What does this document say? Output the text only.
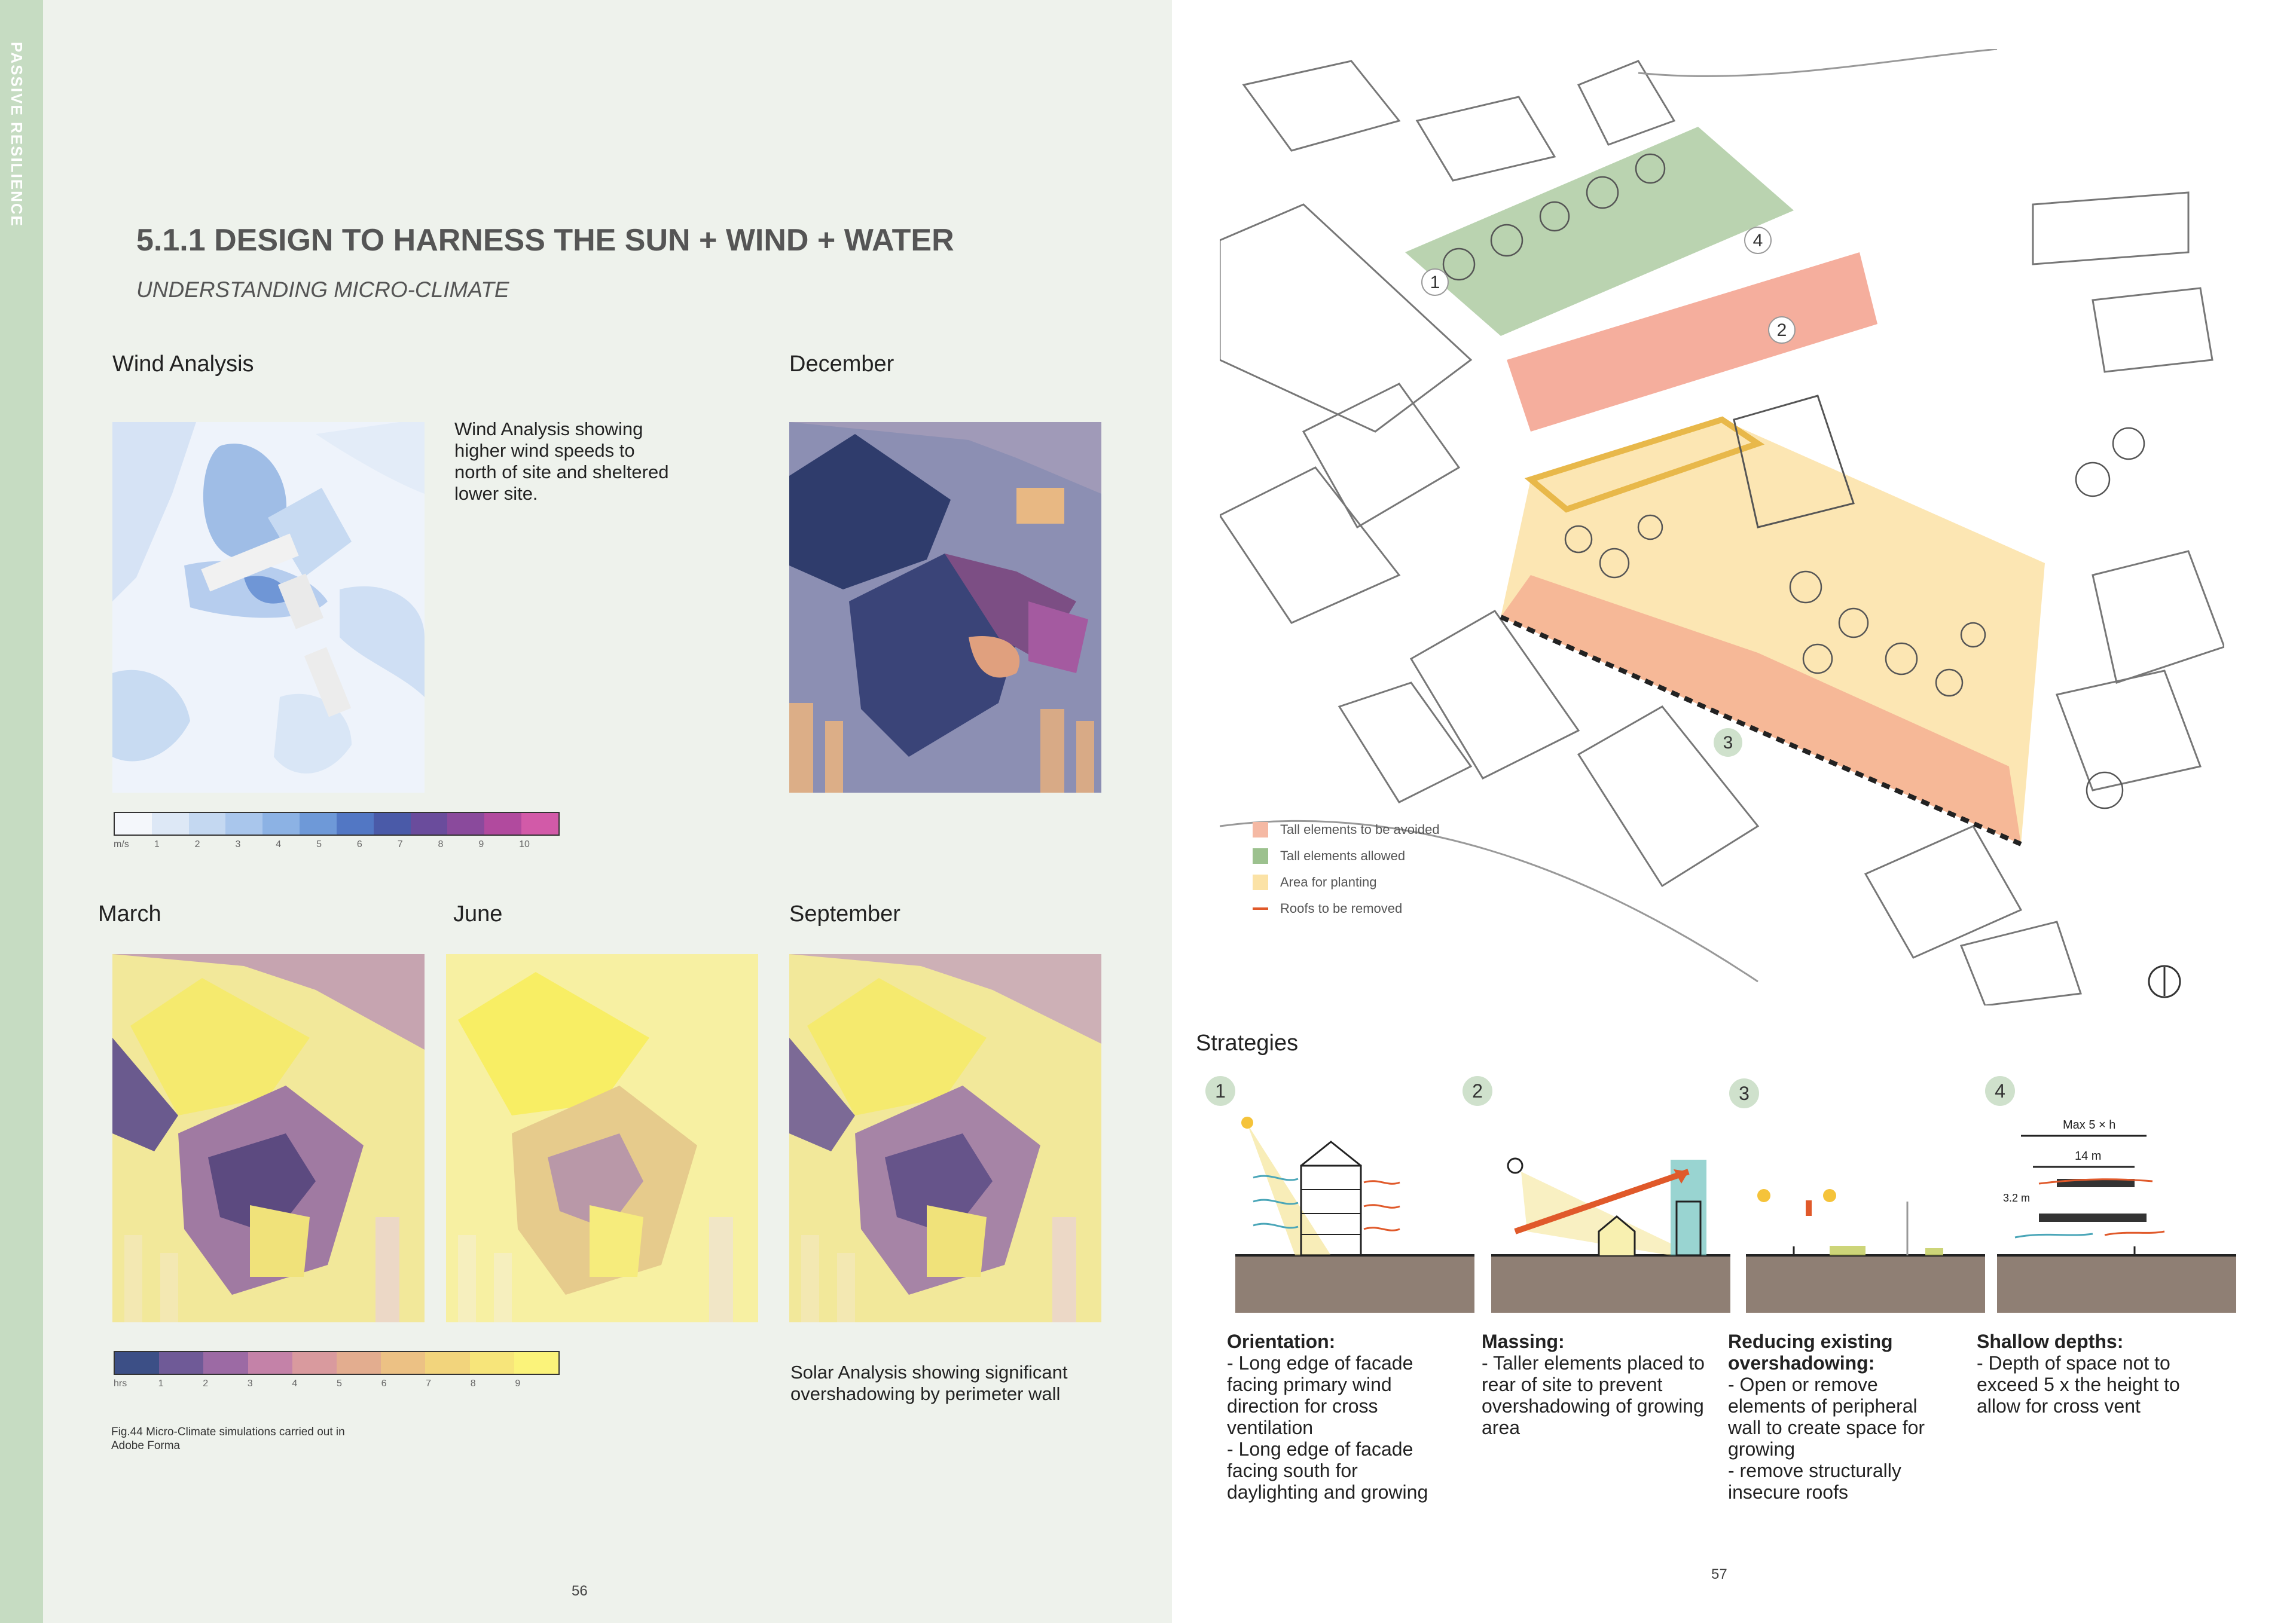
PASSIVE RESILIENCE
5.1.1 DESIGN TO HARNESS THE SUN + WIND + WATER
UNDERSTANDING MICRO-CLIMATE
Wind Analysis	December
March	June	September
Wind Analysis showing higher wind speeds to north of site and sheltered lower site.
m/s	1	2	3	4	5	6	7	8	9	10
hrs	1	2	3	4	5	6	7	8	9
Solar Analysis showing significant overshadowing by perimeter wall
Fig.44 Micro-Climate simulations carried out in Adobe Forma
56
1
2
3
4
Tall elements to be avoided
Tall elements allowed
Area for planting
Roofs to be removed
Strategies
1	2	3	4
Max 5 × h
14 m
3.2 m
Orientation:
- Long edge of facade facing primary wind direction for cross ventilation
- Long edge of facade facing south for daylighting and growing
Massing:
- Taller elements placed to rear of site to prevent overshadowing of growing area
Reducing existing overshadowing:
- Open or remove elements of peripheral wall to create space for growing
- remove structurally insecure roofs
Shallow depths:
- Depth of space not to exceed 5 x the height to allow for cross vent
57
